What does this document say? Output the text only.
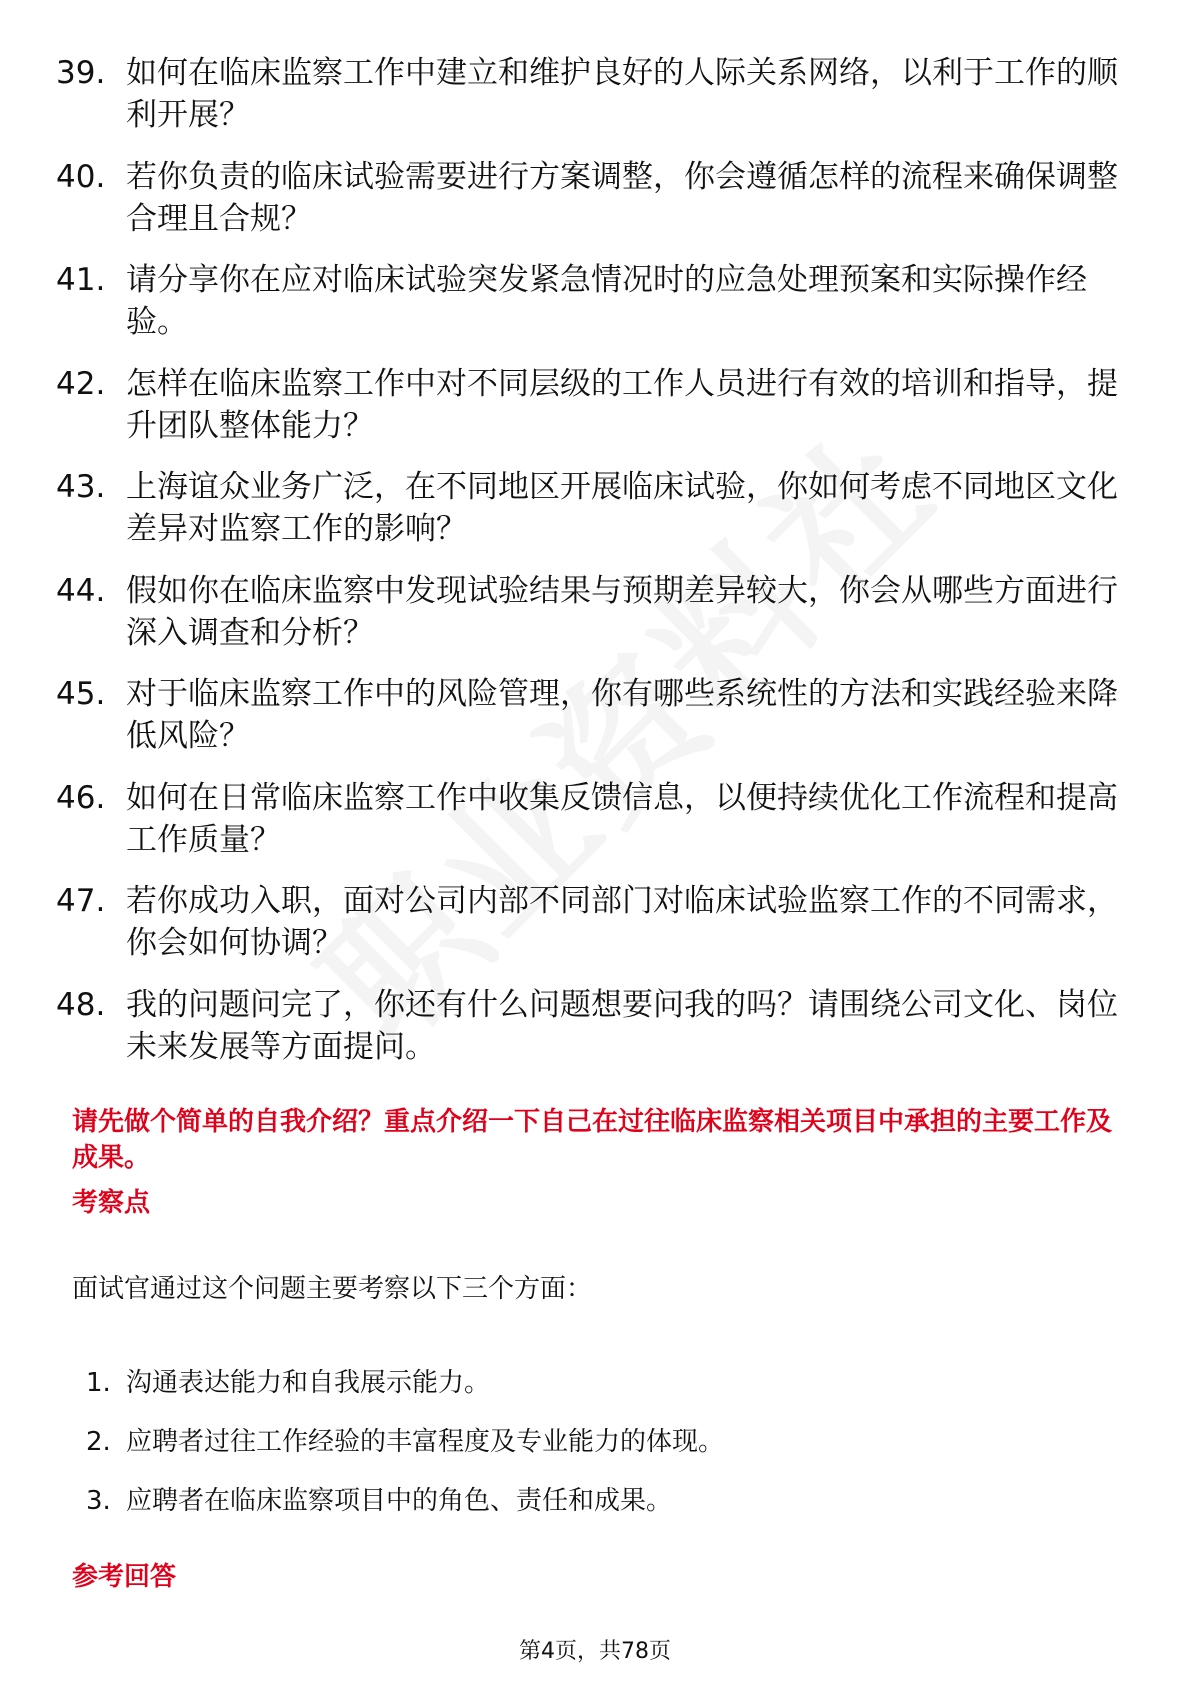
39. 如何在临床监察工作中建立和维护良好的人际关系网络，以利于工作的顺利开展？
40. 若你负责的临床试验需要进行方案调整，你会遵循怎样的流程来确保调整合理且合规？
41. 请分享你在应对临床试验突发紧急情况时的应急处理预案和实际操作经验。
42. 怎样在临床监察工作中对不同层级的工作人员进行有效的培训和指导，提升团队整体能力？
43. 上海谊众业务广泛，在不同地区开展临床试验，你如何考虑不同地区文化差异对监察工作的影响？
44. 假如你在临床监察中发现试验结果与预期差异较大，你会从哪些方面进行深入调查和分析？
45. 对于临床监察工作中的风险管理，你有哪些系统性的方法和实践经验来降低风险？
46. 如何在日常临床监察工作中收集反馈信息，以便持续优化工作流程和提高工作质量？
47. 若你成功入职，面对公司内部不同部门对临床试验监察工作的不同需求，你会如何协调？
48. 我的问题问完了，你还有什么问题想要问我的吗？请围绕公司文化、岗位未来发展等方面提问。
请先做个简单的自我介绍？重点介绍一下自己在过往临床监察相关项目中承担的主要工作及成果。
考察点
面试官通过这个问题主要考察以下三个方面：
1. 沟通表达能力和自我展示能力。
2. 应聘者过往工作经验的丰富程度及专业能力的体现。
3. 应聘者在临床监察项目中的角色、责任和成果。
参考回答
第4页，共78页
